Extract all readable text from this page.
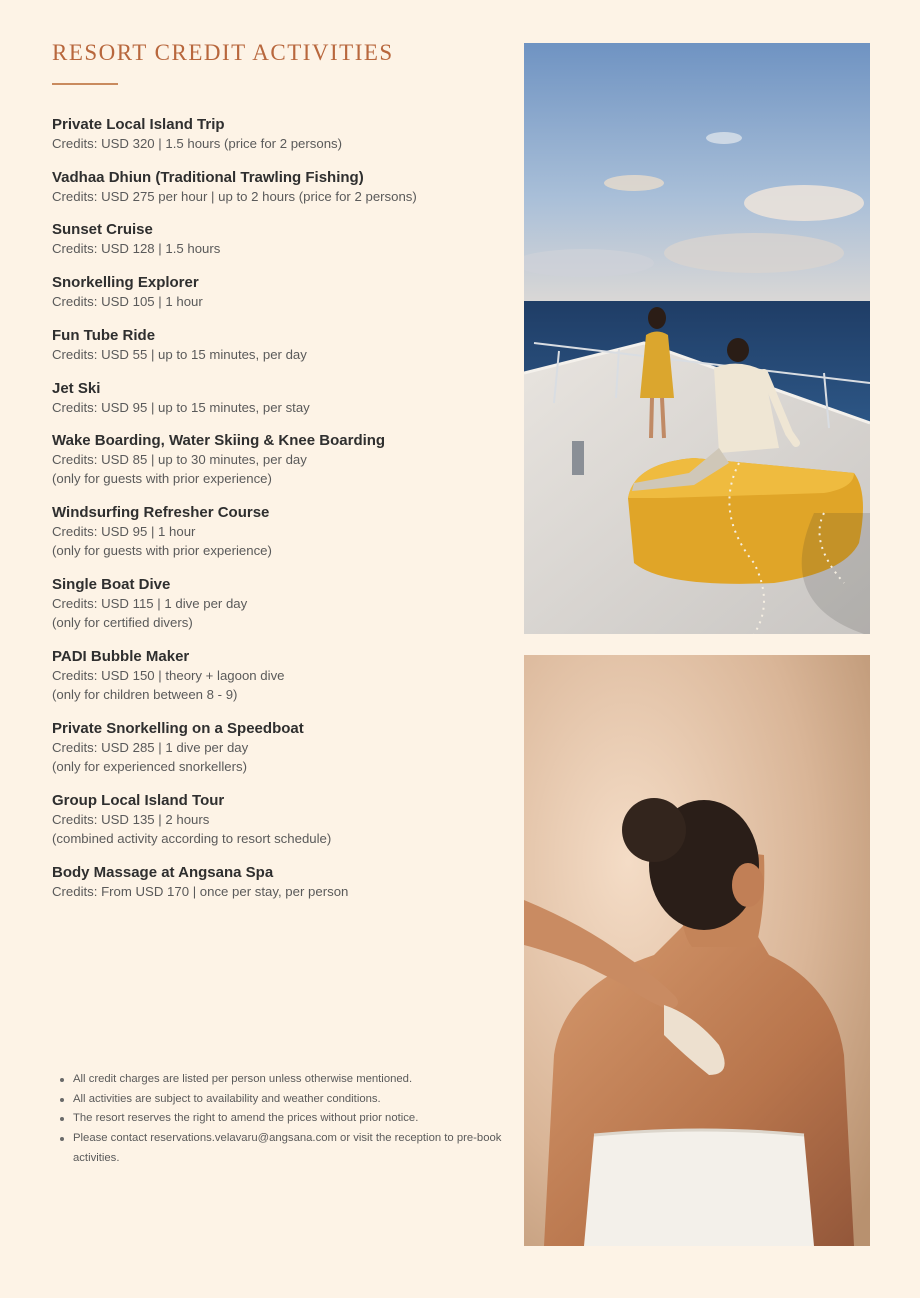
RESORT CREDIT ACTIVITIES
Private Local Island Trip
Credits: USD 320 | 1.5 hours (price for 2 persons)
Vadhaa Dhiun (Traditional Trawling Fishing)
Credits: USD 275 per hour | up to 2 hours (price for 2 persons)
Sunset Cruise
Credits: USD 128 | 1.5 hours
Snorkelling Explorer
Credits: USD 105 | 1 hour
Fun Tube Ride
Credits: USD 55 | up to 15 minutes, per day
Jet Ski
Credits: USD 95 | up to 15 minutes, per stay
Wake Boarding, Water Skiing & Knee Boarding
Credits: USD 85 | up to 30 minutes, per day
(only for guests with prior experience)
Windsurfing Refresher Course
Credits: USD 95 | 1 hour
(only for guests with prior experience)
Single Boat Dive
Credits: USD 115 | 1 dive per day
(only for certified divers)
PADI Bubble Maker
Credits: USD 150 | theory + lagoon dive
(only for children between 8 - 9)
Private Snorkelling on a Speedboat
Credits: USD 285 | 1 dive per day
(only for experienced snorkellers)
Group Local Island Tour
Credits: USD 135 | 2 hours
(combined activity according to resort schedule)
Body Massage at Angsana Spa
Credits: From USD 170 | once per stay, per person
All credit charges are listed per person unless otherwise mentioned.
All activities are subject to availability and weather conditions.
The resort reserves the right to amend the prices without prior notice.
Please contact reservations.velavaru@angsana.com or visit the reception to pre-book activities.
